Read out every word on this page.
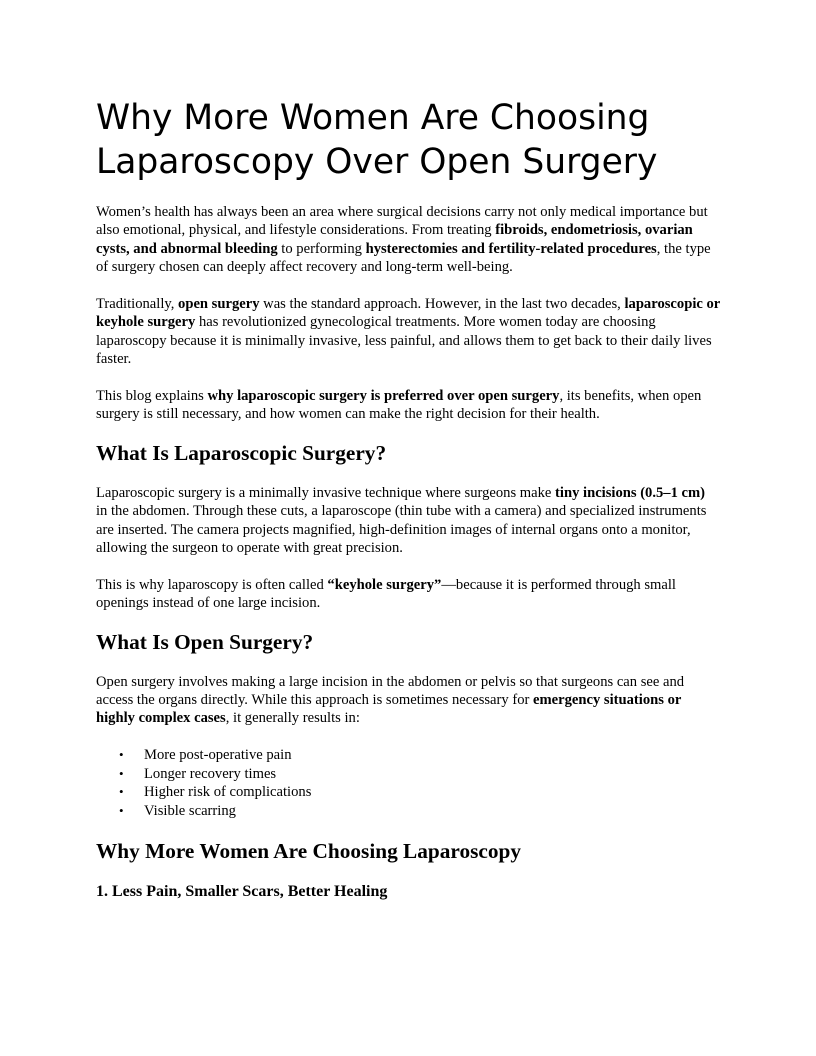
Why More Women Are Choosing Laparoscopy Over Open Surgery

Women’s health has always been an area where surgical decisions carry not only medical importance but also emotional, physical, and lifestyle considerations. From treating fibroids, endometriosis, ovarian cysts, and abnormal bleeding to performing hysterectomies and fertility-related procedures, the type of surgery chosen can deeply affect recovery and long-term well-being.

Traditionally, open surgery was the standard approach. However, in the last two decades, laparoscopic or keyhole surgery has revolutionized gynecological treatments. More women today are choosing laparoscopy because it is minimally invasive, less painful, and allows them to get back to their daily lives faster.

This blog explains why laparoscopic surgery is preferred over open surgery, its benefits, when open surgery is still necessary, and how women can make the right decision for their health.

What Is Laparoscopic Surgery?

Laparoscopic surgery is a minimally invasive technique where surgeons make tiny incisions (0.5–1 cm) in the abdomen. Through these cuts, a laparoscope (thin tube with a camera) and specialized instruments are inserted. The camera projects magnified, high-definition images of internal organs onto a monitor, allowing the surgeon to operate with great precision.

This is why laparoscopy is often called “keyhole surgery”—because it is performed through small openings instead of one large incision.

What Is Open Surgery?

Open surgery involves making a large incision in the abdomen or pelvis so that surgeons can see and access the organs directly. While this approach is sometimes necessary for emergency situations or highly complex cases, it generally results in:

• More post-operative pain
• Longer recovery times
• Higher risk of complications
• Visible scarring
Why More Women Are Choosing Laparoscopy
1. Less Pain, Smaller Scars, Better Healing
